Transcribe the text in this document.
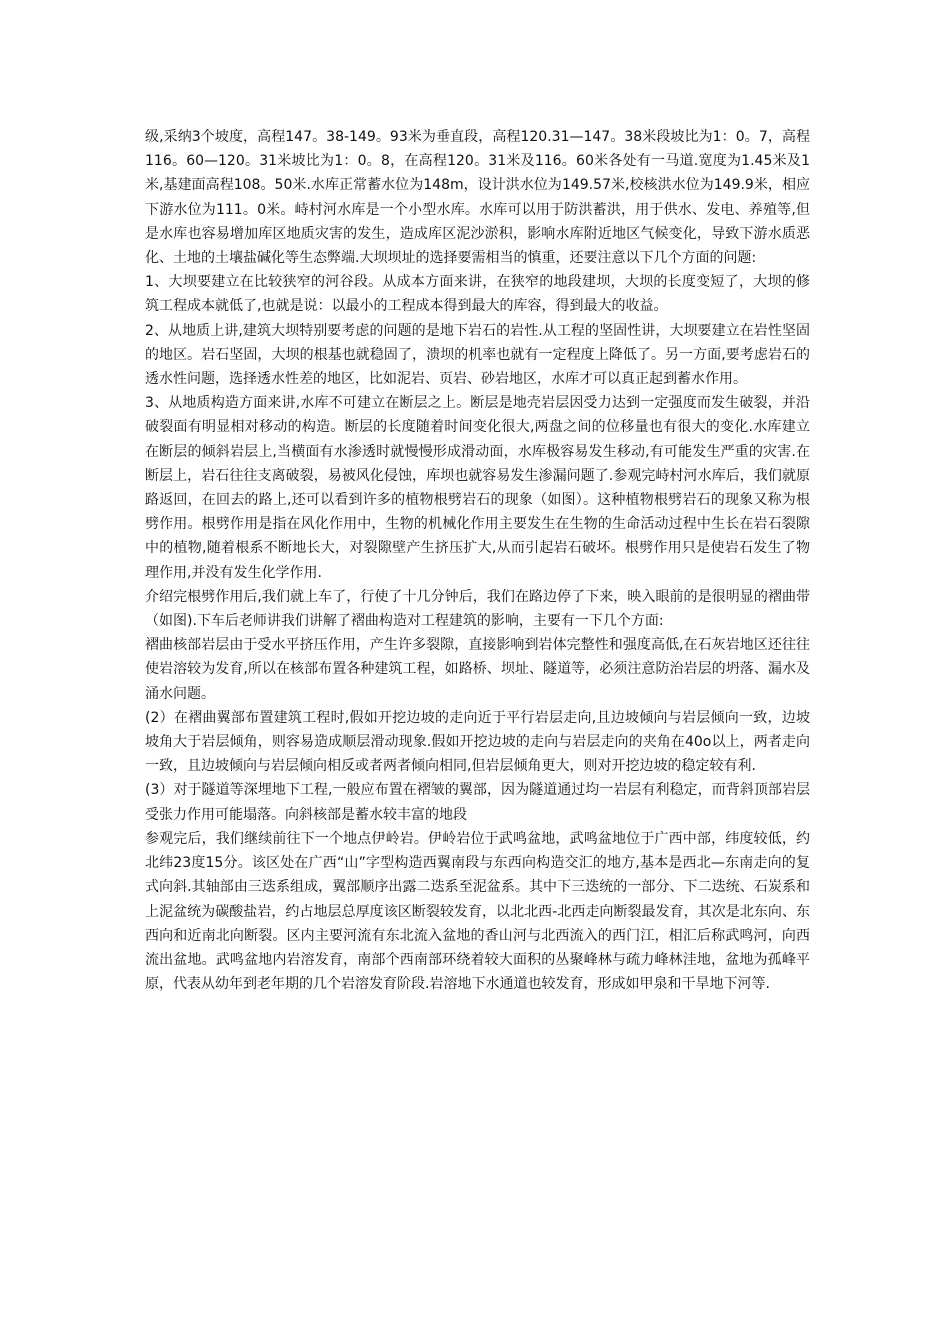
级,采纳3个坡度，高程147。38-149。93米为垂直段，高程120.31—147。38米段坡比为1：0。7，高程116。60—120。31米坡比为1：0。8，在高程120。31米及116。60米各处有一马道.宽度为1.45米及1米,基建面高程108。50米.水库正常蓄水位为148m，设计洪水位为149.57米,校核洪水位为149.9米，相应下游水位为111。0米。峙村河水库是一个小型水库。水库可以用于防洪蓄洪，用于供水、发电、养殖等,但是水库也容易增加库区地质灾害的发生，造成库区泥沙淤积，影响水库附近地区气候变化，导致下游水质恶化、土地的土壤盐碱化等生态弊端.大坝坝址的选择要需相当的慎重，还要注意以下几个方面的问题:

1、大坝要建立在比较狭窄的河谷段。从成本方面来讲，在狭窄的地段建坝，大坝的长度变短了，大坝的修筑工程成本就低了,也就是说：以最小的工程成本得到最大的库容，得到最大的收益。

2、从地质上讲,建筑大坝特别要考虑的问题的是地下岩石的岩性.从工程的坚固性讲，大坝要建立在岩性坚固的地区。岩石坚固，大坝的根基也就稳固了，溃坝的机率也就有一定程度上降低了。另一方面,要考虑岩石的透水性问题，选择透水性差的地区，比如泥岩、页岩、砂岩地区，水库才可以真正起到蓄水作用。

3、从地质构造方面来讲,水库不可建立在断层之上。断层是地壳岩层因受力达到一定强度而发生破裂，并沿破裂面有明显相对移动的构造。断层的长度随着时间变化很大,两盘之间的位移量也有很大的变化.水库建立在断层的倾斜岩层上,当横面有水渗透时就慢慢形成滑动面，水库极容易发生移动,有可能发生严重的灾害.在断层上，岩石往往支离破裂，易被风化侵蚀，库坝也就容易发生渗漏问题了.参观完峙村河水库后，我们就原路返回，在回去的路上,还可以看到许多的植物根劈岩石的现象（如图）。这种植物根劈岩石的现象又称为根劈作用。根劈作用是指在风化作用中，生物的机械化作用主要发生在生物的生命活动过程中生长在岩石裂隙中的植物,随着根系不断地长大，对裂隙壁产生挤压扩大,从而引起岩石破坏。根劈作用只是使岩石发生了物理作用,并没有发生化学作用.

介绍完根劈作用后,我们就上车了，行使了十几分钟后，我们在路边停了下来，映入眼前的是很明显的褶曲带（如图).下车后老师讲我们讲解了褶曲构造对工程建筑的影响，主要有一下几个方面:

褶曲核部岩层由于受水平挤压作用，产生许多裂隙，直接影响到岩体完整性和强度高低,在石灰岩地区还往往使岩溶较为发育,所以在核部布置各种建筑工程，如路桥、坝址、隧道等，必须注意防治岩层的坍落、漏水及涌水问题。

(2）在褶曲翼部布置建筑工程时,假如开挖边坡的走向近于平行岩层走向,且边坡倾向与岩层倾向一致，边坡坡角大于岩层倾角，则容易造成顺层滑动现象.假如开挖边坡的走向与岩层走向的夹角在40o以上，两者走向一致，且边坡倾向与岩层倾向相反或者两者倾向相同,但岩层倾角更大，则对开挖边坡的稳定较有利.

(3）对于隧道等深埋地下工程,一般应布置在褶皱的翼部，因为隧道通过均一岩层有利稳定，而背斜顶部岩层受张力作用可能塌落。向斜核部是蓄水较丰富的地段

参观完后，我们继续前往下一个地点伊岭岩。伊岭岩位于武鸣盆地，武鸣盆地位于广西中部，纬度较低，约北纬23度15分。该区处在广西“山”字型构造西翼南段与东西向构造交汇的地方,基本是西北—东南走向的复式向斜.其轴部由三迭系组成，翼部顺序出露二迭系至泥盆系。其中下三迭统的一部分、下二迭统、石炭系和上泥盆统为碳酸盐岩，约占地层总厚度该区断裂较发育，以北北西-北西走向断裂最发育，其次是北东向、东西向和近南北向断裂。区内主要河流有东北流入盆地的香山河与北西流入的西门江，相汇后称武鸣河，向西流出盆地。武鸣盆地内岩溶发育，南部个西南部环绕着较大面积的丛聚峰林与疏力峰林洼地，盆地为孤峰平原，代表从幼年到老年期的几个岩溶发育阶段.岩溶地下水通道也较发育，形成如甲泉和干旱地下河等.
